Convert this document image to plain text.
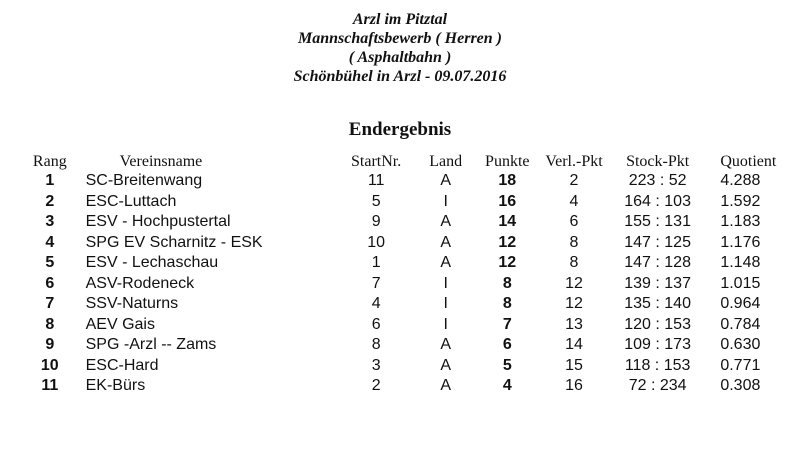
Arzl im Pitztal
Mannschaftsbewerb ( Herren )
( Asphaltbahn )
Schönbühel in Arzl - 09.07.2016
Endergebnis
Rang	Vereinsname	StartNr.	Land	Punkte	Verl.-Pkt	Stock-Pkt	Quotient
1	SC-Breitenwang	11	A	18	2	223 : 52	4.288
2	ESC-Luttach	5	I	16	4	164 : 103	1.592
3	ESV - Hochpustertal	9	A	14	6	155 : 131	1.183
4	SPG EV Scharnitz - ESK	10	A	12	8	147 : 125	1.176
5	ESV - Lechaschau	1	A	12	8	147 : 128	1.148
6	ASV-Rodeneck	7	I	8	12	139 : 137	1.015
7	SSV-Naturns	4	I	8	12	135 : 140	0.964
8	AEV Gais	6	I	7	13	120 : 153	0.784
9	SPG -Arzl -- Zams	8	A	6	14	109 : 173	0.630
10	ESC-Hard	3	A	5	15	118 : 153	0.771
11	EK-Bürs	2	A	4	16	72 : 234	0.308
